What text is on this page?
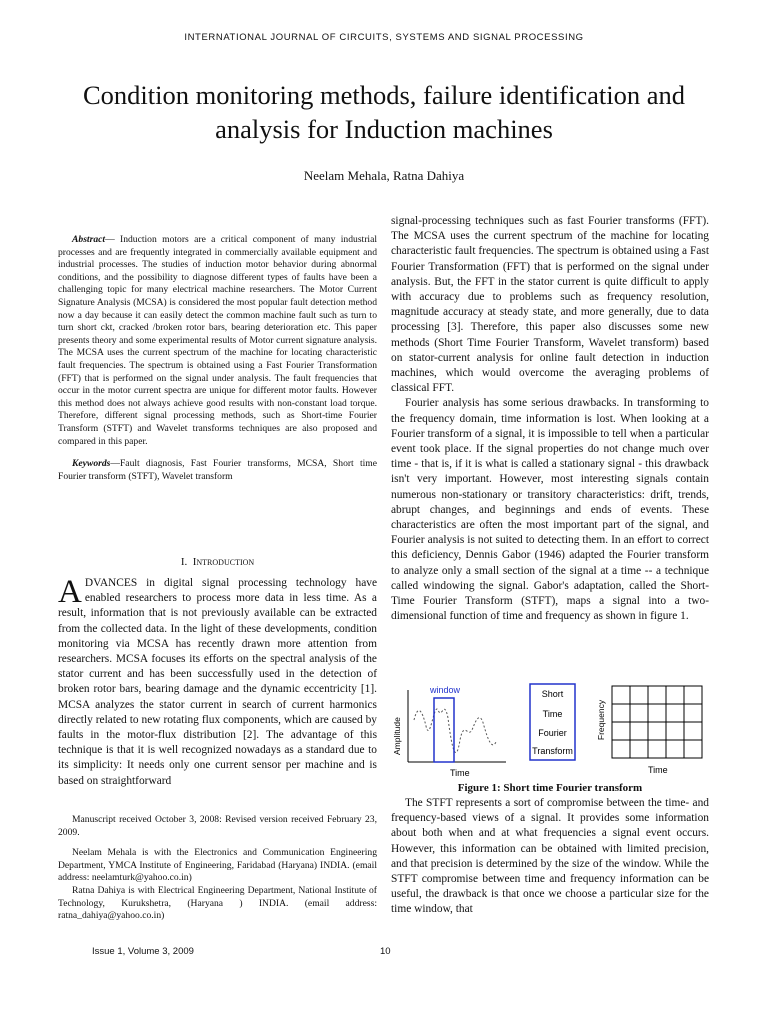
INTERNATIONAL JOURNAL OF CIRCUITS, SYSTEMS AND SIGNAL PROCESSING
Condition monitoring methods, failure identification and analysis for Induction machines
Neelam Mehala, Ratna Dahiya

Abstract— Induction motors are a critical component of many industrial processes and are frequently integrated in commercially available equipment and industrial processes. The studies of induction motor behavior during abnormal conditions, and the possibility to diagnose different types of faults have been a challenging topic for many electrical machine researchers. The Motor Current Signature Analysis (MCSA) is considered the most popular fault detection method now a day because it can easily detect the common machine fault such as turn to turn short ckt, cracked /broken rotor bars, bearing deterioration etc. This paper presents theory and some experimental results of Motor current signature analysis. The MCSA uses the current spectrum of the machine for locating characteristic fault frequencies. The spectrum is obtained using a Fast Fourier Transformation (FFT) that is performed on the signal under analysis. The fault frequencies that occur in the motor current spectra are unique for different motor faults. However this method does not always achieve good results with non-constant load torque. Therefore, different signal processing methods, such as Short-time Fourier Transform (STFT) and Wavelet transforms techniques are also proposed and compared in this paper.

Keywords—Fault diagnosis, Fast Fourier transforms, MCSA, Short time Fourier transform (STFT), Wavelet transform

I. Introduction
ADVANCES in digital signal processing technology have enabled researchers to process more data in less time. As a result, information that is not previously available can be extracted from the collected data. In the light of these developments, condition monitoring via MCSA has recently drawn more attention from researchers. MCSA focuses its efforts on the spectral analysis of the stator current and has been successfully used in the detection of broken rotor bars, bearing damage and the dynamic eccentricity [1]. MCSA analyzes the stator current in search of current harmonics directly related to new rotating flux components, which are caused by faults in the motor-flux distribution [2]. The advantage of this technique is that it is well recognized nowadays as a standard due to its simplicity: It needs only one current sensor per machine and is based on straightforward

Manuscript received October 3, 2008: Revised version received February 23, 2009.

Neelam Mehala is with the Electronics and Communication Engineering Department, YMCA Institute of Engineering, Faridabad (Haryana) INDIA. (email address: neelamturk@yahoo.co.in)

Ratna Dahiya is with Electrical Engineering Department, National Institute of Technology, Kurukshetra, (Haryana ) INDIA. (email address: ratna_dahiya@yahoo.co.in)

signal-processing techniques such as fast Fourier transforms (FFT). The MCSA uses the current spectrum of the machine for locating characteristic fault frequencies. The spectrum is obtained using a Fast Fourier Transformation (FFT) that is performed on the signal under analysis. But, the FFT in the stator current is quite difficult to apply with accuracy due to problems such as frequency resolution, magnitude accuracy at steady state, and more generally, due to data processing [3]. Therefore, this paper also discusses some new methods (Short Time Fourier Transform, Wavelet transform) based on stator-current analysis for online fault detection in induction machines, which would overcome the averaging problems of classical FFT.

Fourier analysis has some serious drawbacks. In transforming to the frequency domain, time information is lost. When looking at a Fourier transform of a signal, it is impossible to tell when a particular event took place. If the signal properties do not change much over time - that is, if it is what is called a stationary signal - this drawback isn't very important. However, most interesting signals contain numerous non-stationary or transitory characteristics: drift, trends, abrupt changes, and beginnings and ends of events. These characteristics are often the most important part of the signal, and Fourier analysis is not suited to detecting them. In an effort to correct this deficiency, Dennis Gabor (1946) adapted the Fourier transform to analyze only a small section of the signal at a time -- a technique called windowing the signal. Gabor's adaptation, called the Short-Time Fourier Transform (STFT), maps a signal into a two-dimensional function of time and frequency as shown in figure 1.

Amplitude
window
Time
Short
Time
Fourier
Transform
Frequency
Time
Figure 1: Short time Fourier transform

The STFT represents a sort of compromise between the time- and frequency-based views of a signal. It provides some information about both when and at what frequencies a signal event occurs. However, this information can be obtained with limited precision, and that precision is determined by the size of the window. While the STFT compromise between time and frequency information can be useful, the drawback is that once we choose a particular size for the time window, that

Issue 1, Volume 3, 2009	10
